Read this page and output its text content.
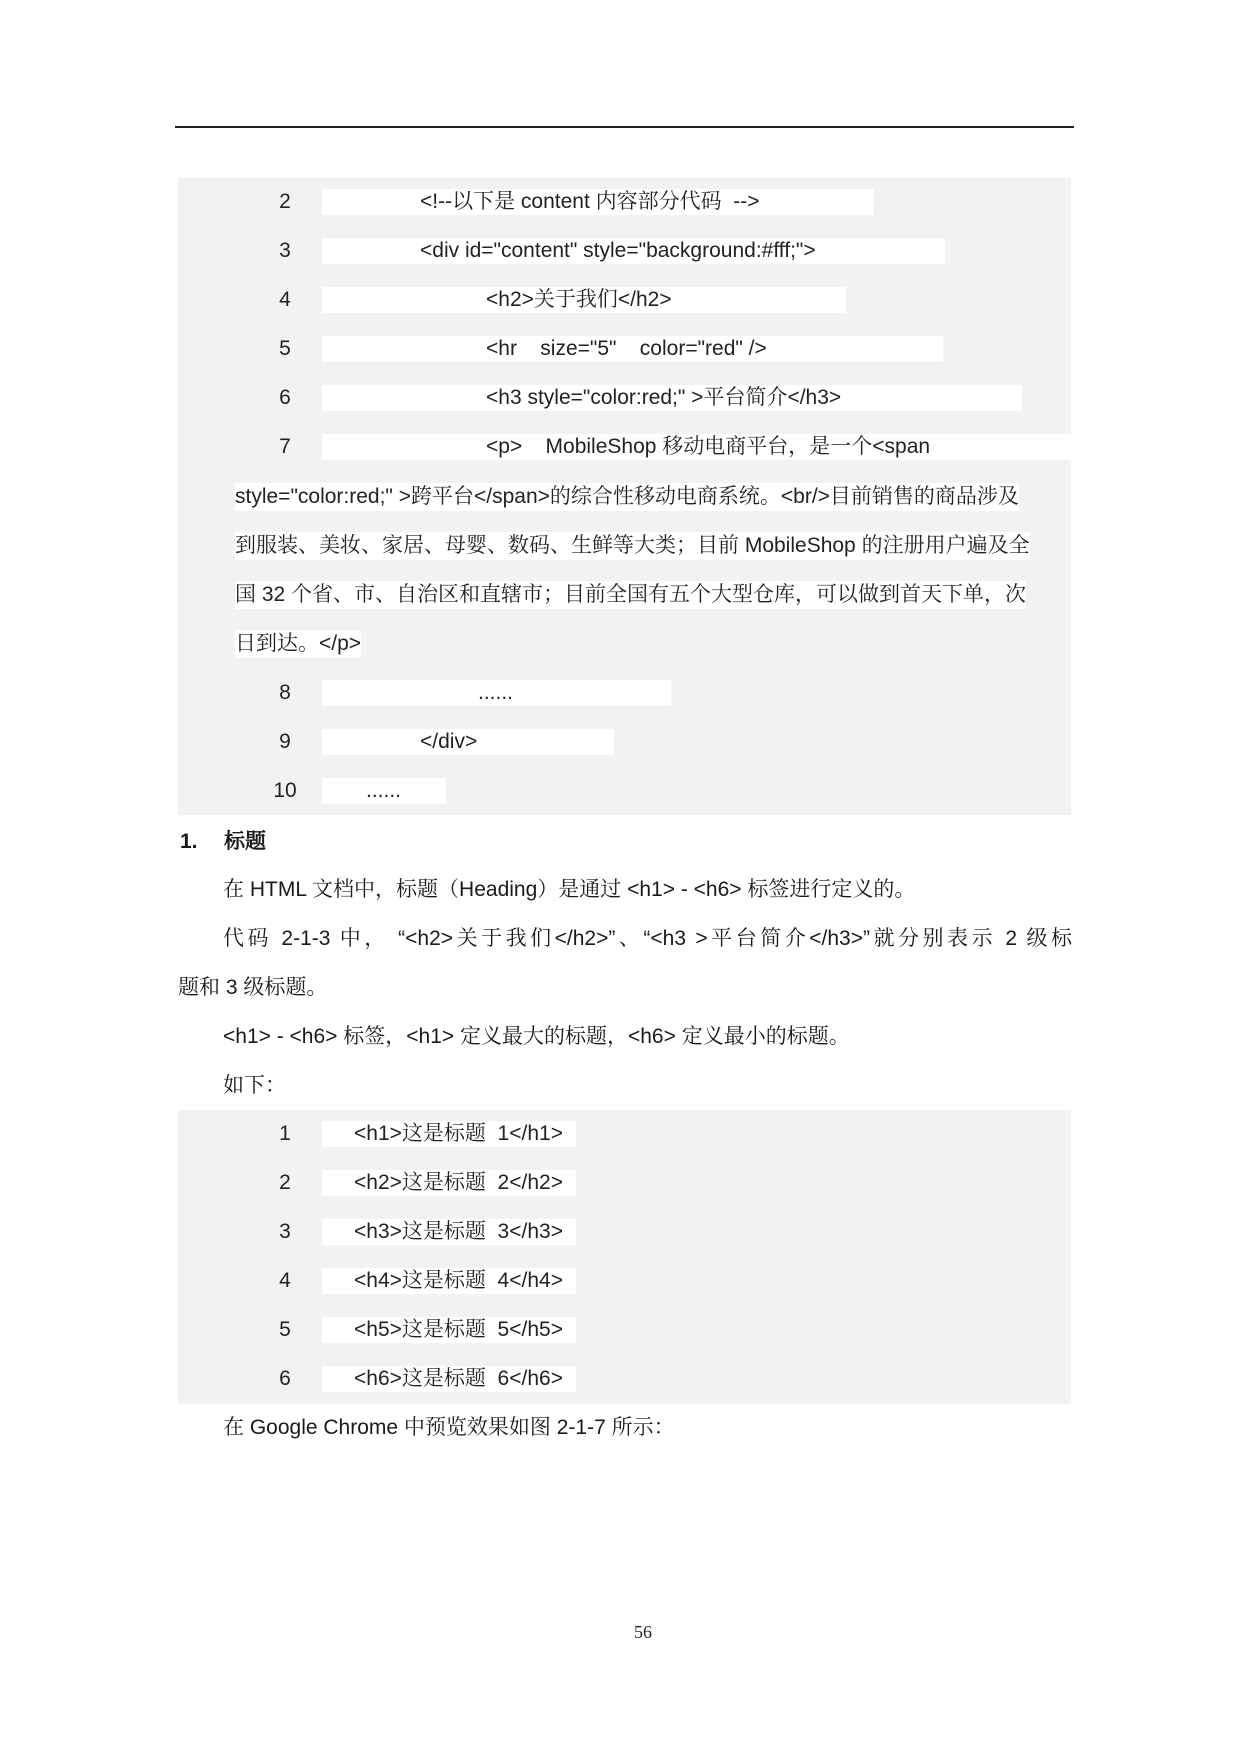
2	<!--以下是 content 内容部分代码  -->
3	<div id="content" style="background:#fff;">
4	<h2>关于我们</h2>
5	<hr    size="5"    color="red" />
6	<h3 style="color:red;" >平台简介</h3>
7	<p>    MobileShop 移动电商平台，是一个<span
style="color:red;" >跨平台</span>的综合性移动电商系统。<br/>目前销售的商品涉及
到服装、美妆、家居、母婴、数码、生鲜等大类；目前 MobileShop 的注册用户遍及全
国 32 个省、市、自治区和直辖市；目前全国有五个大型仓库，可以做到首天下单，次
日到达。</p>
8	......
9	</div>
10	......
1. 标题
在 HTML 文档中，标题（Heading）是通过 <h1> - <h6> 标签进行定义的。
代码 2-1-3 中， “<h2>关于我们</h2>”、“<h3 >平台简介</h3>”就分别表示 2 级标
题和 3 级标题。
<h1> - <h6> 标签，<h1> 定义最大的标题，<h6> 定义最小的标题。
如下：
1	<h1>这是标题  1</h1>
2	<h2>这是标题  2</h2>
3	<h3>这是标题  3</h3>
4	<h4>这是标题  4</h4>
5	<h5>这是标题  5</h5>
6	<h6>这是标题  6</h6>
在 Google Chrome 中预览效果如图 2-1-7 所示：
56
